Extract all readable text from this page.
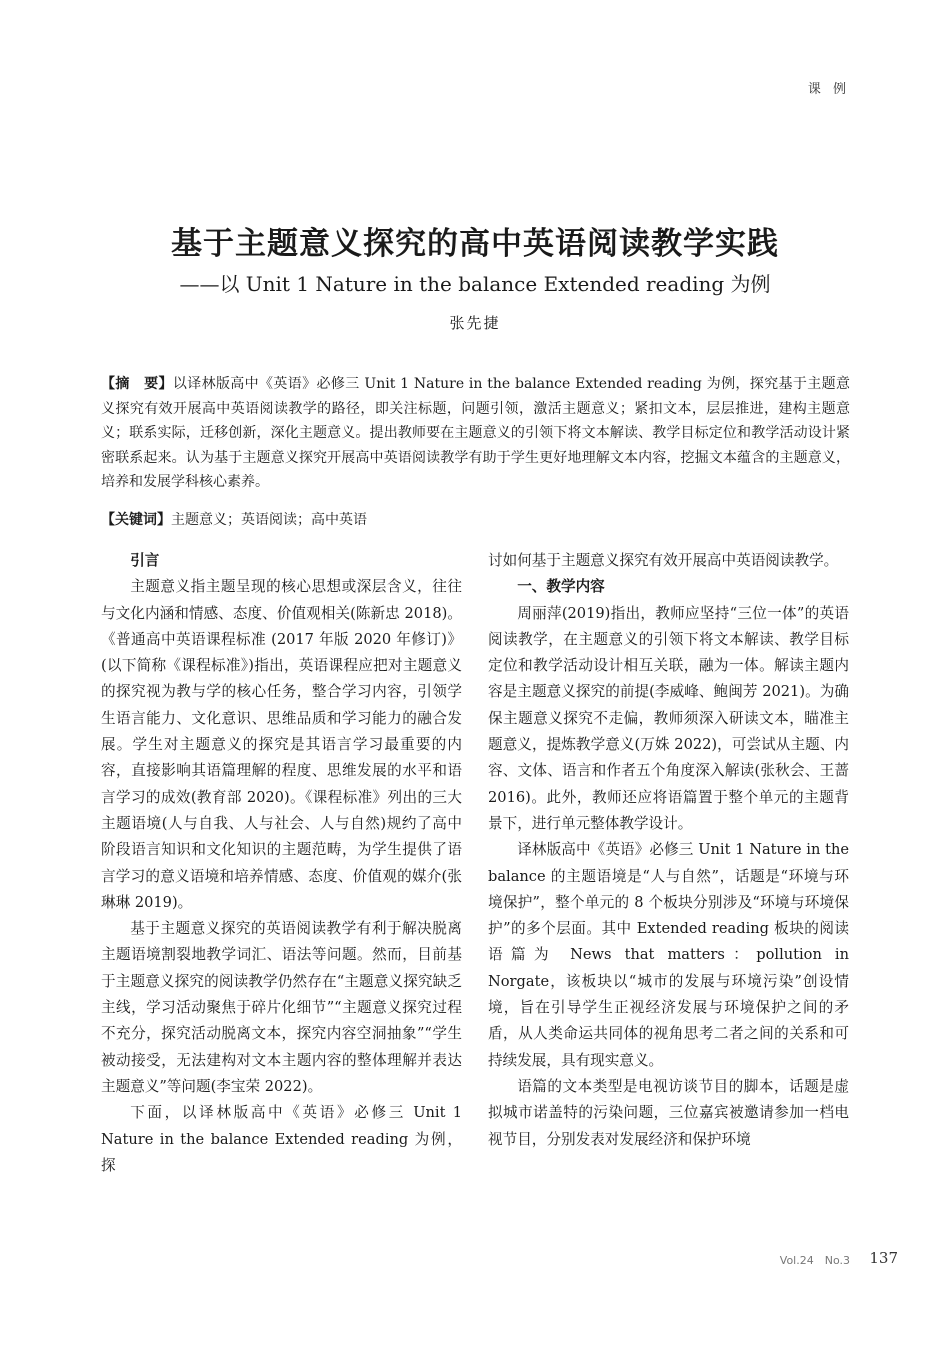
课 例
基于主题意义探究的高中英语阅读教学实践
——以 Unit 1 Nature in the balance Extended reading 为例
张先捷
【摘　要】以译林版高中《英语》必修三 Unit 1 Nature in the balance Extended reading 为例，探究基于主题意义探究有效开展高中英语阅读教学的路径，即关注标题，问题引领，激活主题意义；紧扣文本，层层推进，建构主题意义；联系实际，迁移创新，深化主题意义。提出教师要在主题意义的引领下将文本解读、教学目标定位和教学活动设计紧密联系起来。认为基于主题意义探究开展高中英语阅读教学有助于学生更好地理解文本内容，挖掘文本蕴含的主题意义，培养和发展学科核心素养。
【关键词】主题意义；英语阅读；高中英语
引言

主题意义指主题呈现的核心思想或深层含义，往往与文化内涵和情感、态度、价值观相关(陈新忠 2018)。《普通高中英语课程标准 (2017 年版 2020 年修订)》(以下简称《课程标准》)指出，英语课程应把对主题意义的探究视为教与学的核心任务，整合学习内容，引领学生语言能力、文化意识、思维品质和学习能力的融合发展。学生对主题意义的探究是其语言学习最重要的内容，直接影响其语篇理解的程度、思维发展的水平和语言学习的成效(教育部 2020)。《课程标准》列出的三大主题语境(人与自我、人与社会、人与自然)规约了高中阶段语言知识和文化知识的主题范畴，为学生提供了语言学习的意义语境和培养情感、态度、价值观的媒介(张琳琳 2019)。

基于主题意义探究的英语阅读教学有利于解决脱离主题语境割裂地教学词汇、语法等问题。然而，目前基于主题意义探究的阅读教学仍然存在“主题意义探究缺乏主线，学习活动聚焦于碎片化细节”“主题意义探究过程不充分，探究活动脱离文本，探究内容空洞抽象”“学生被动接受，无法建构对文本主题内容的整体理解并表达主题意义”等问题(李宝荣 2022)。

下面，以译林版高中《英语》必修三 Unit 1 Nature in the balance Extended reading 为例，探

讨如何基于主题意义探究有效开展高中英语阅读教学。

一、教学内容

周丽萍(2019)指出，教师应坚持“三位一体”的英语阅读教学，在主题意义的引领下将文本解读、教学目标定位和教学活动设计相互关联，融为一体。解读主题内容是主题意义探究的前提(李威峰、鲍闽芳 2021)。为确保主题意义探究不走偏，教师须深入研读文本，瞄准主题意义，提炼教学意义(万姝 2022)，可尝试从主题、内容、文体、语言和作者五个角度深入解读(张秋会、王蔷 2016)。此外，教师还应将语篇置于整个单元的主题背景下，进行单元整体教学设计。

译林版高中《英语》必修三 Unit 1 Nature in the balance 的主题语境是“人与自然”，话题是“环境与环境保护”，整个单元的 8 个板块分别涉及“环境与环境保护”的多个层面。其中 Extended reading 板块的阅读语篇为 News that matters：pollution in Norgate，该板块以“城市的发展与环境污染”创设情境，旨在引导学生正视经济发展与环境保护之间的矛盾，从人类命运共同体的视角思考二者之间的关系和可持续发展，具有现实意义。

语篇的文本类型是电视访谈节目的脚本，话题是虚拟城市诺盖特的污染问题，三位嘉宾被邀请参加一档电视节目，分别发表对发展经济和保护环境

Vol.24　No.3 137
